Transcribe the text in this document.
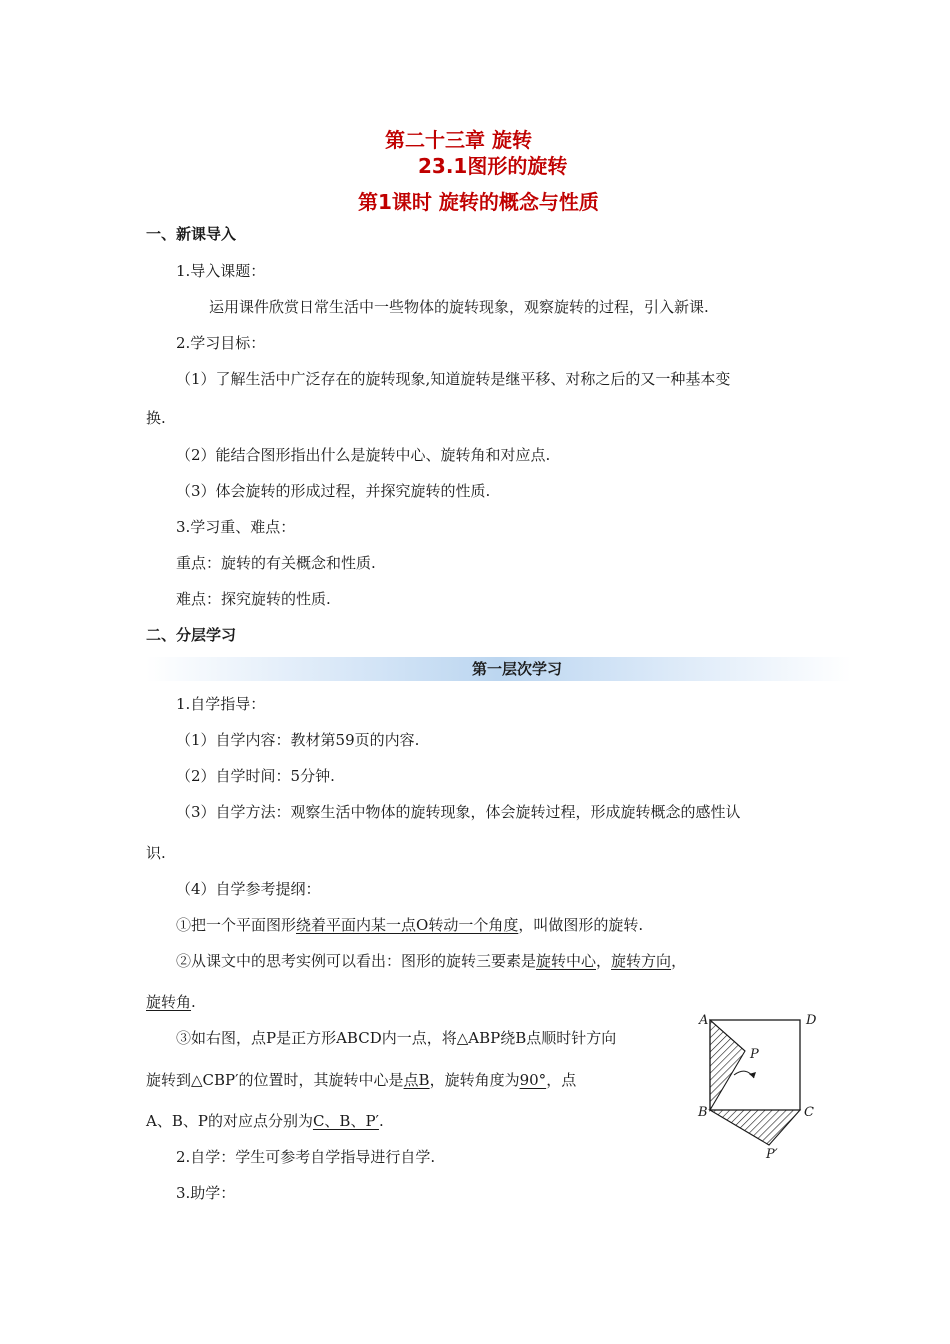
第二十三章 旋转
23.1图形的旋转
第1课时 旋转的概念与性质
一、新课导入
1.导入课题：
运用课件欣赏日常生活中一些物体的旋转现象，观察旋转的过程，引入新课.
2.学习目标：
（1）了解生活中广泛存在的旋转现象,知道旋转是继平移、对称之后的又一种基本变
换.
（2）能结合图形指出什么是旋转中心、旋转角和对应点.
（3）体会旋转的形成过程，并探究旋转的性质.
3.学习重、难点：
重点：旋转的有关概念和性质.
难点：探究旋转的性质.
二、分层学习
第一层次学习
1.自学指导：
（1）自学内容：教材第59页的内容.
（2）自学时间：5分钟.
（3）自学方法：观察生活中物体的旋转现象，体会旋转过程，形成旋转概念的感性认
识.
（4）自学参考提纲：
①把一个平面图形绕着平面内某一点O转动一个角度，叫做图形的旋转.
②从课文中的思考实例可以看出：图形的旋转三要素是旋转中心，旋转方向，
旋转角.
③如右图，点P是正方形ABCD内一点，将△ABP绕B点顺时针方向
旋转到△CBP′的位置时，其旋转中心是点B，旋转角度为90°，点
A、B、P的对应点分别为C、B、P′.
2.自学：学生可参考自学指导进行自学.
3.助学：
A	D
P
B	C
P′
